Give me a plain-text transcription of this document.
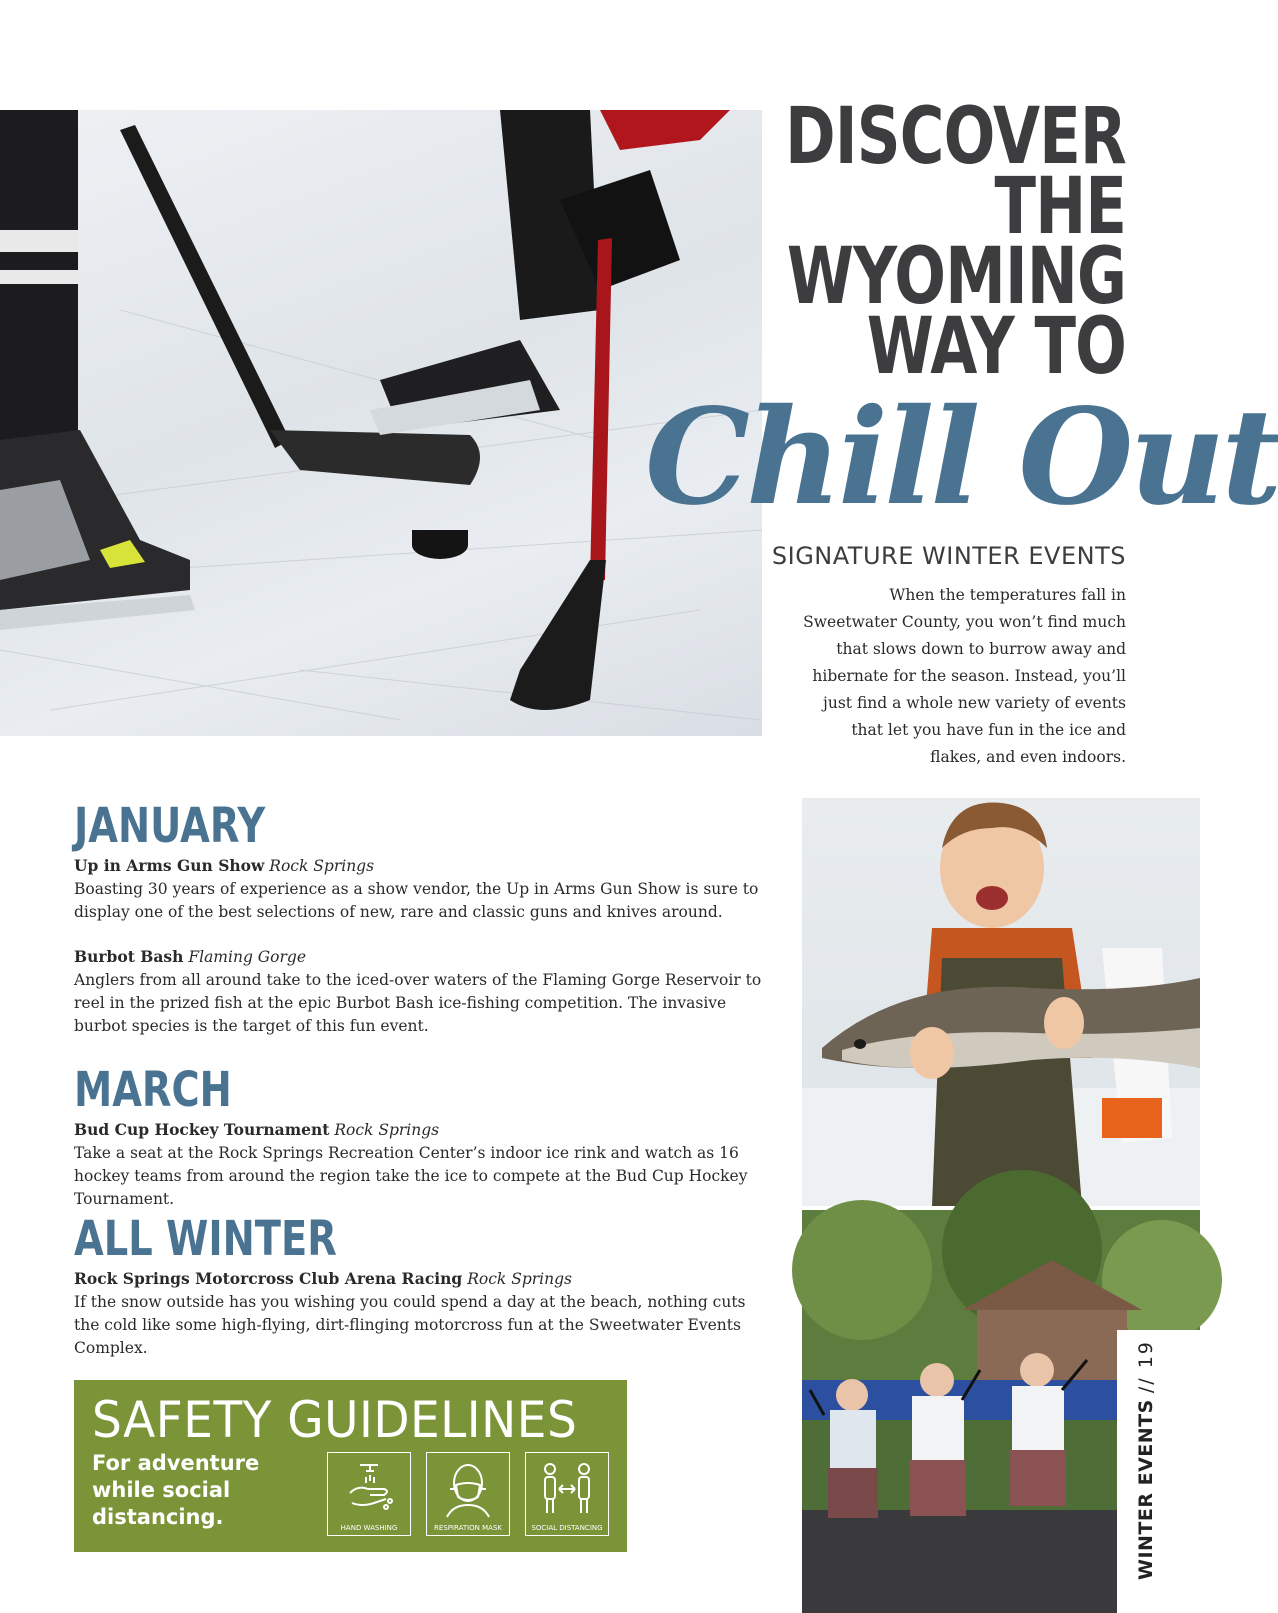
DISCOVER
THE
WYOMING
WAY TO
Chill Out
SIGNATURE WINTER EVENTS
When the temperatures fall in Sweetwater County, you won’t find much that slows down to burrow away and hibernate for the season. Instead, you’ll just find a whole new variety of events that let you have fun in the ice and flakes, and even indoors.
JANUARY
Up in Arms Gun Show Rock Springs
Boasting 30 years of experience as a show vendor, the Up in Arms Gun Show is sure to display one of the best selections of new, rare and classic guns and knives around.
Burbot Bash Flaming Gorge
Anglers from all around take to the iced-over waters of the Flaming Gorge Reservoir to reel in the prized fish at the epic Burbot Bash ice-fishing competition. The invasive burbot species is the target of this fun event.
MARCH
Bud Cup Hockey Tournament Rock Springs
Take a seat at the Rock Springs Recreation Center’s indoor ice rink and watch as 16 hockey teams from around the region take the ice to compete at the Bud Cup Hockey Tournament.
ALL WINTER
Rock Springs Motorcross Club Arena Racing Rock Springs
If the snow outside has you wishing you could spend a day at the beach, nothing cuts the cold like some high-flying, dirt-flinging motorcross fun at the Sweetwater Events Complex.
SAFETY GUIDELINES
For adventure while social distancing.	HAND WASHING	RESPIRATION MASK	SOCIAL DISTANCING	WINTER EVENTS // 19
